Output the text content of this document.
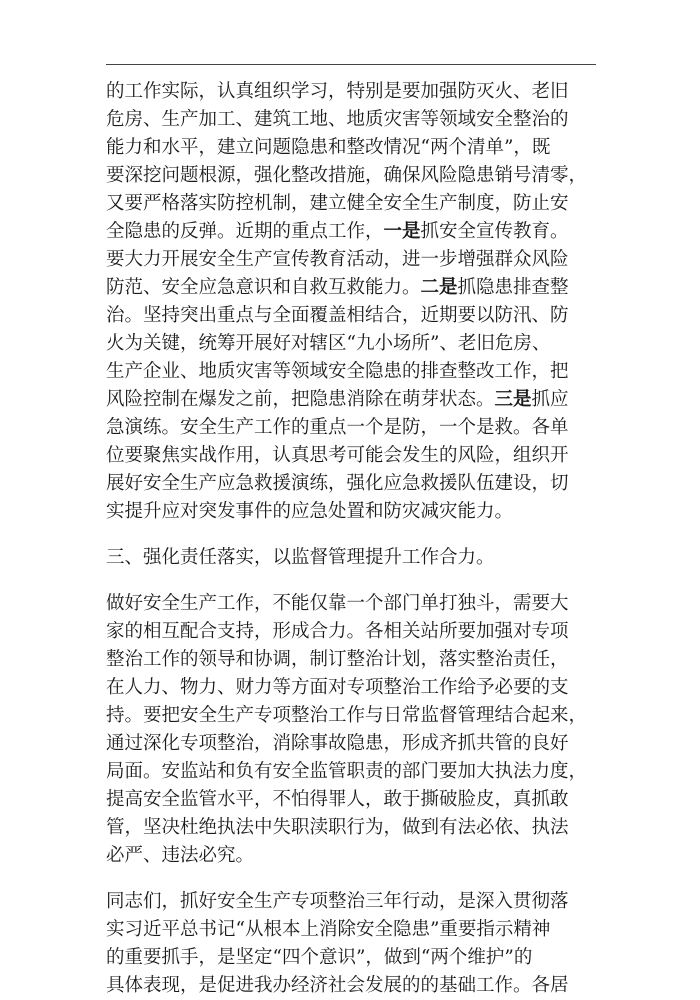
的工作实际，认真组织学习，特别是要加强防灭火、老旧
危房、生产加工、建筑工地、地质灾害等领域安全整治的
能力和水平，建立问题隐患和整改情况“两个清单”，既
要深挖问题根源，强化整改措施，确保风险隐患销号清零，
又要严格落实防控机制，建立健全安全生产制度，防止安
全隐患的反弹。近期的重点工作，一是抓安全宣传教育。
要大力开展安全生产宣传教育活动，进一步增强群众风险
防范、安全应急意识和自救互救能力。二是抓隐患排查整
治。坚持突出重点与全面覆盖相结合，近期要以防汛、防
火为关键，统筹开展好对辖区“九小场所”、老旧危房、
生产企业、地质灾害等领域安全隐患的排查整改工作，把
风险控制在爆发之前，把隐患消除在萌芽状态。三是抓应
急演练。安全生产工作的重点一个是防，一个是救。各单
位要聚焦实战作用，认真思考可能会发生的风险，组织开
展好安全生产应急救援演练，强化应急救援队伍建设，切
实提升应对突发事件的应急处置和防灾减灾能力。
三、强化责任落实，以监督管理提升工作合力。
做好安全生产工作，不能仅靠一个部门单打独斗，需要大
家的相互配合支持，形成合力。各相关站所要加强对专项
整治工作的领导和协调，制订整治计划，落实整治责任，
在人力、物力、财力等方面对专项整治工作给予必要的支
持。要把安全生产专项整治工作与日常监督管理结合起来，
通过深化专项整治，消除事故隐患，形成齐抓共管的良好
局面。安监站和负有安全监管职责的部门要加大执法力度，
提高安全监管水平，不怕得罪人，敢于撕破脸皮，真抓敢
管，坚决杜绝执法中失职渎职行为，做到有法必依、执法
必严、违法必究。
同志们，抓好安全生产专项整治三年行动，是深入贯彻落
实习近平总书记“从根本上消除安全隐患”重要指示精神
的重要抓手，是坚定“四个意识”，做到“两个维护”的
具体表现，是促进我办经济社会发展的的基础工作。各居
